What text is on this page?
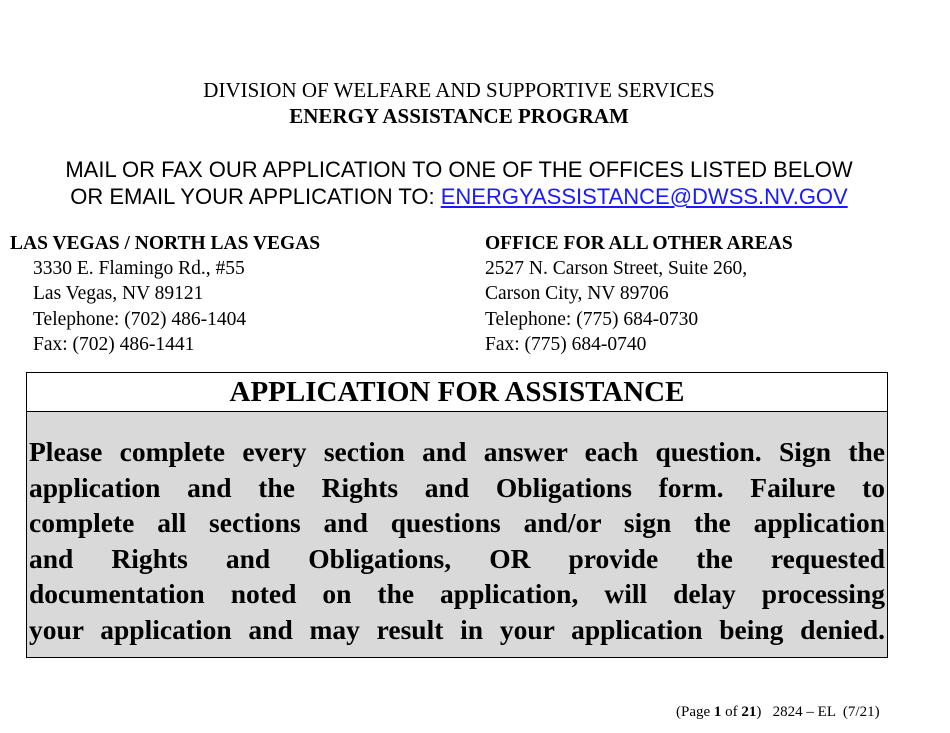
DIVISION OF WELFARE AND SUPPORTIVE SERVICES
ENERGY ASSISTANCE PROGRAM
MAIL OR FAX OUR APPLICATION TO ONE OF THE OFFICES LISTED BELOW
OR EMAIL YOUR APPLICATION TO: ENERGYASSISTANCE@DWSS.NV.GOV
LAS VEGAS / NORTH LAS VEGAS
3330 E. Flamingo Rd., #55
Las Vegas, NV 89121
Telephone: (702) 486-1404
Fax: (702) 486-1441
OFFICE FOR ALL OTHER AREAS
2527 N. Carson Street, Suite 260,
Carson City, NV 89706
Telephone: (775) 684-0730
Fax: (775) 684-0740
APPLICATION FOR ASSISTANCE
Please complete every section and answer each question. Sign the
application and the Rights and Obligations form. Failure to
complete all sections and questions and/or sign the application
and Rights and Obligations, OR provide the requested
documentation noted on the application, will delay processing
your application and may result in your application being denied.
(Page 1 of 21)   2824 – EL  (7/21)
